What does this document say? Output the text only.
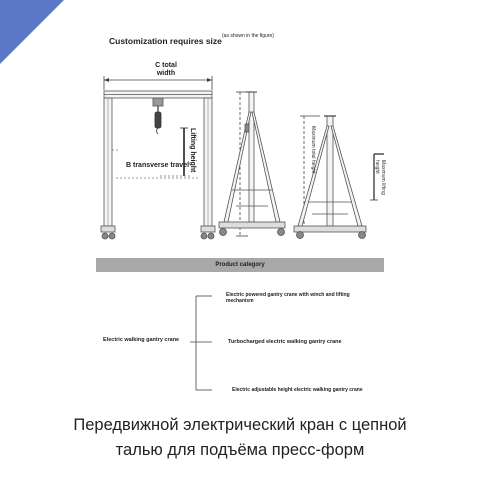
Customization requires size (as shown in the figure)
C total width
Lifting height
B transverse travel	Maximum total height
Maximum lifting height
Product category
Electric walking gantry crane
Electric powered gantry crane with winch and lifting mechanism
Turbocharged electric walking gantry crane
Electric adjustable height electric walking gantry crane
Передвижной электрический кран с цепной
талью для подъёма пресс-форм
